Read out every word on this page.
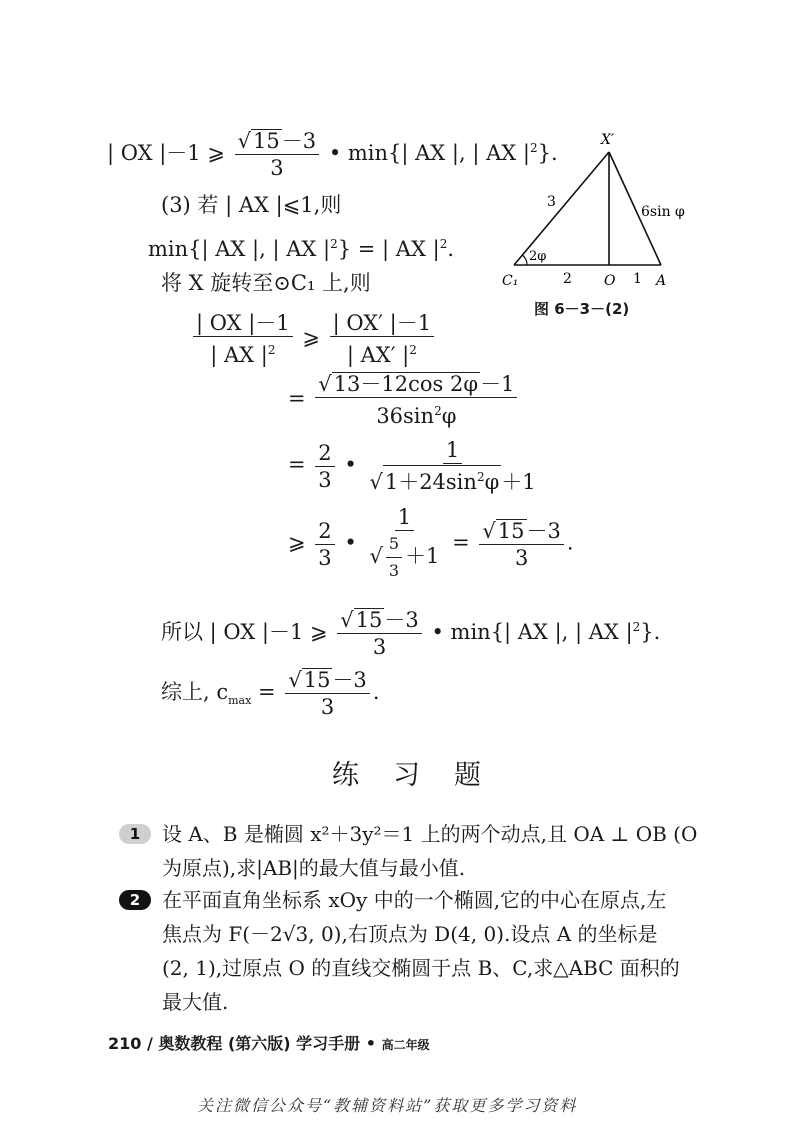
| OX |－1 ⩾ $\frac{√15-3}{3}$ • min{| AX |, | AX $|^2$}.
(3) 若 | AX |⩽1,则
min{| AX |, | AX $|^2$} = | AX $|^2$.
将 X 旋转至⊙C₁ 上,则
$\frac{| OX |-1}{| AX |^2}$ ⩾ $\frac{| OX' |-1}{| AX' |^2}$
= $\frac{√13-12\cos 2\varphi-1}{36\sin^2\varphi}$
= $\frac{2}{3}$ • $\frac{1}{√1+24\sin^2\varphi+1}$
⩾ $\frac{2}{3}$ • $\frac{1}{√ \frac{5}{3} +1} = \frac{√15-3}{3}$ .
所以 | OX |－1 ⩾ $\frac{√15-3}{3}$ • min{| AX |, | AX $|^2$}.
综上, $c_{max} = \frac{√15-3}{3}$ .
X′
C₁	O	A
3
6sin φ
2φ
2	1
图 6－3－(2)
练习题
1	设 A、B 是椭圆 x²＋3y²＝1 上的两个动点,且 OA ⊥ OB (O
为原点),求|AB|的最大值与最小值.
2	在平面直角坐标系 xOy 中的一个椭圆,它的中心在原点,左
焦点为 F(－2√3, 0),右顶点为 D(4, 0).设点 A 的坐标是
(2, 1),过原点 O 的直线交椭圆于点 B、C,求△ABC 面积的
最大值.
210 / 奥数教程 (第六版) 学习手册 • 高二年级
关注微信公众号“教辅资料站”获取更多学习资料
